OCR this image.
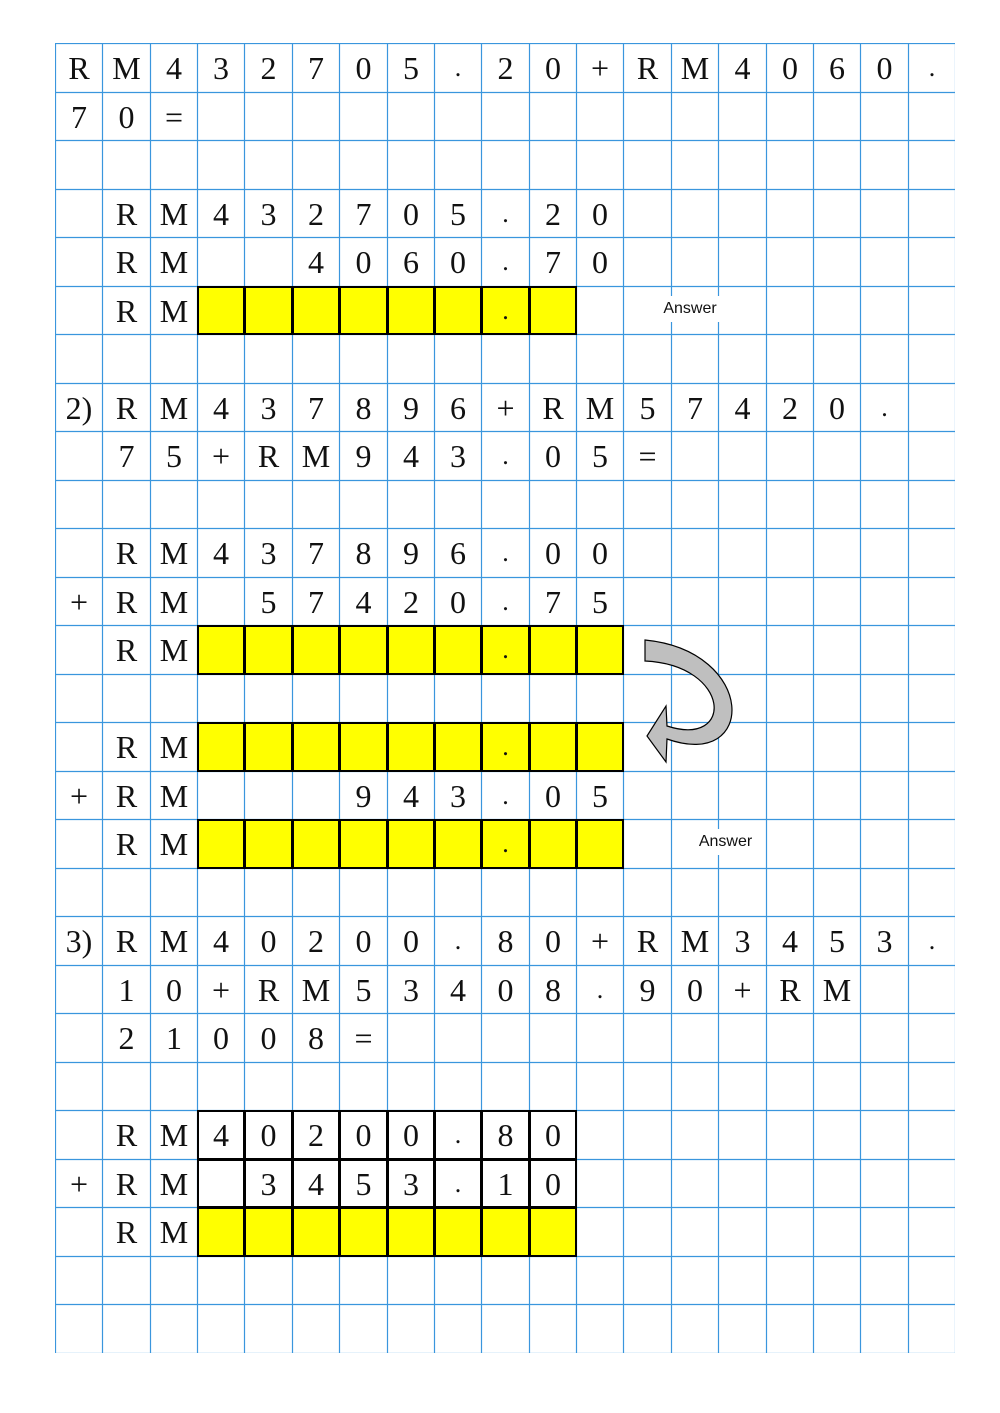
R M 4 3 2 7 0 5	.	2 0 + R M 4 0 6 0	.
7 0 =
R M 4 3 2 7 0 5	.	2 0
R M	4 0 6 0	.	7 0
R M	.
2) R M 4 3 7 8 9 6 + R M 5 7 4 2 0	.
7 5 + R M 9 4 3	.	0 5 =
R M 4 3 7 8 9 6	.	0 0
+ R M	5 7 4 2 0	.	7 5
R M	.
R M	.
+ R M	9 4 3	.	0 5
R M	.
3) R M 4 0 2 0 0	.	8 0 + R M 3 4 5 3	.
1 0 + R M 5 3 4 0 8	.	9 0 + R M
2 1 0 0 8 =
R M 4 0 2 0 0	.	8 0
+ R M	3 4 5 3	.	1 0
R M
Answer
Answer
